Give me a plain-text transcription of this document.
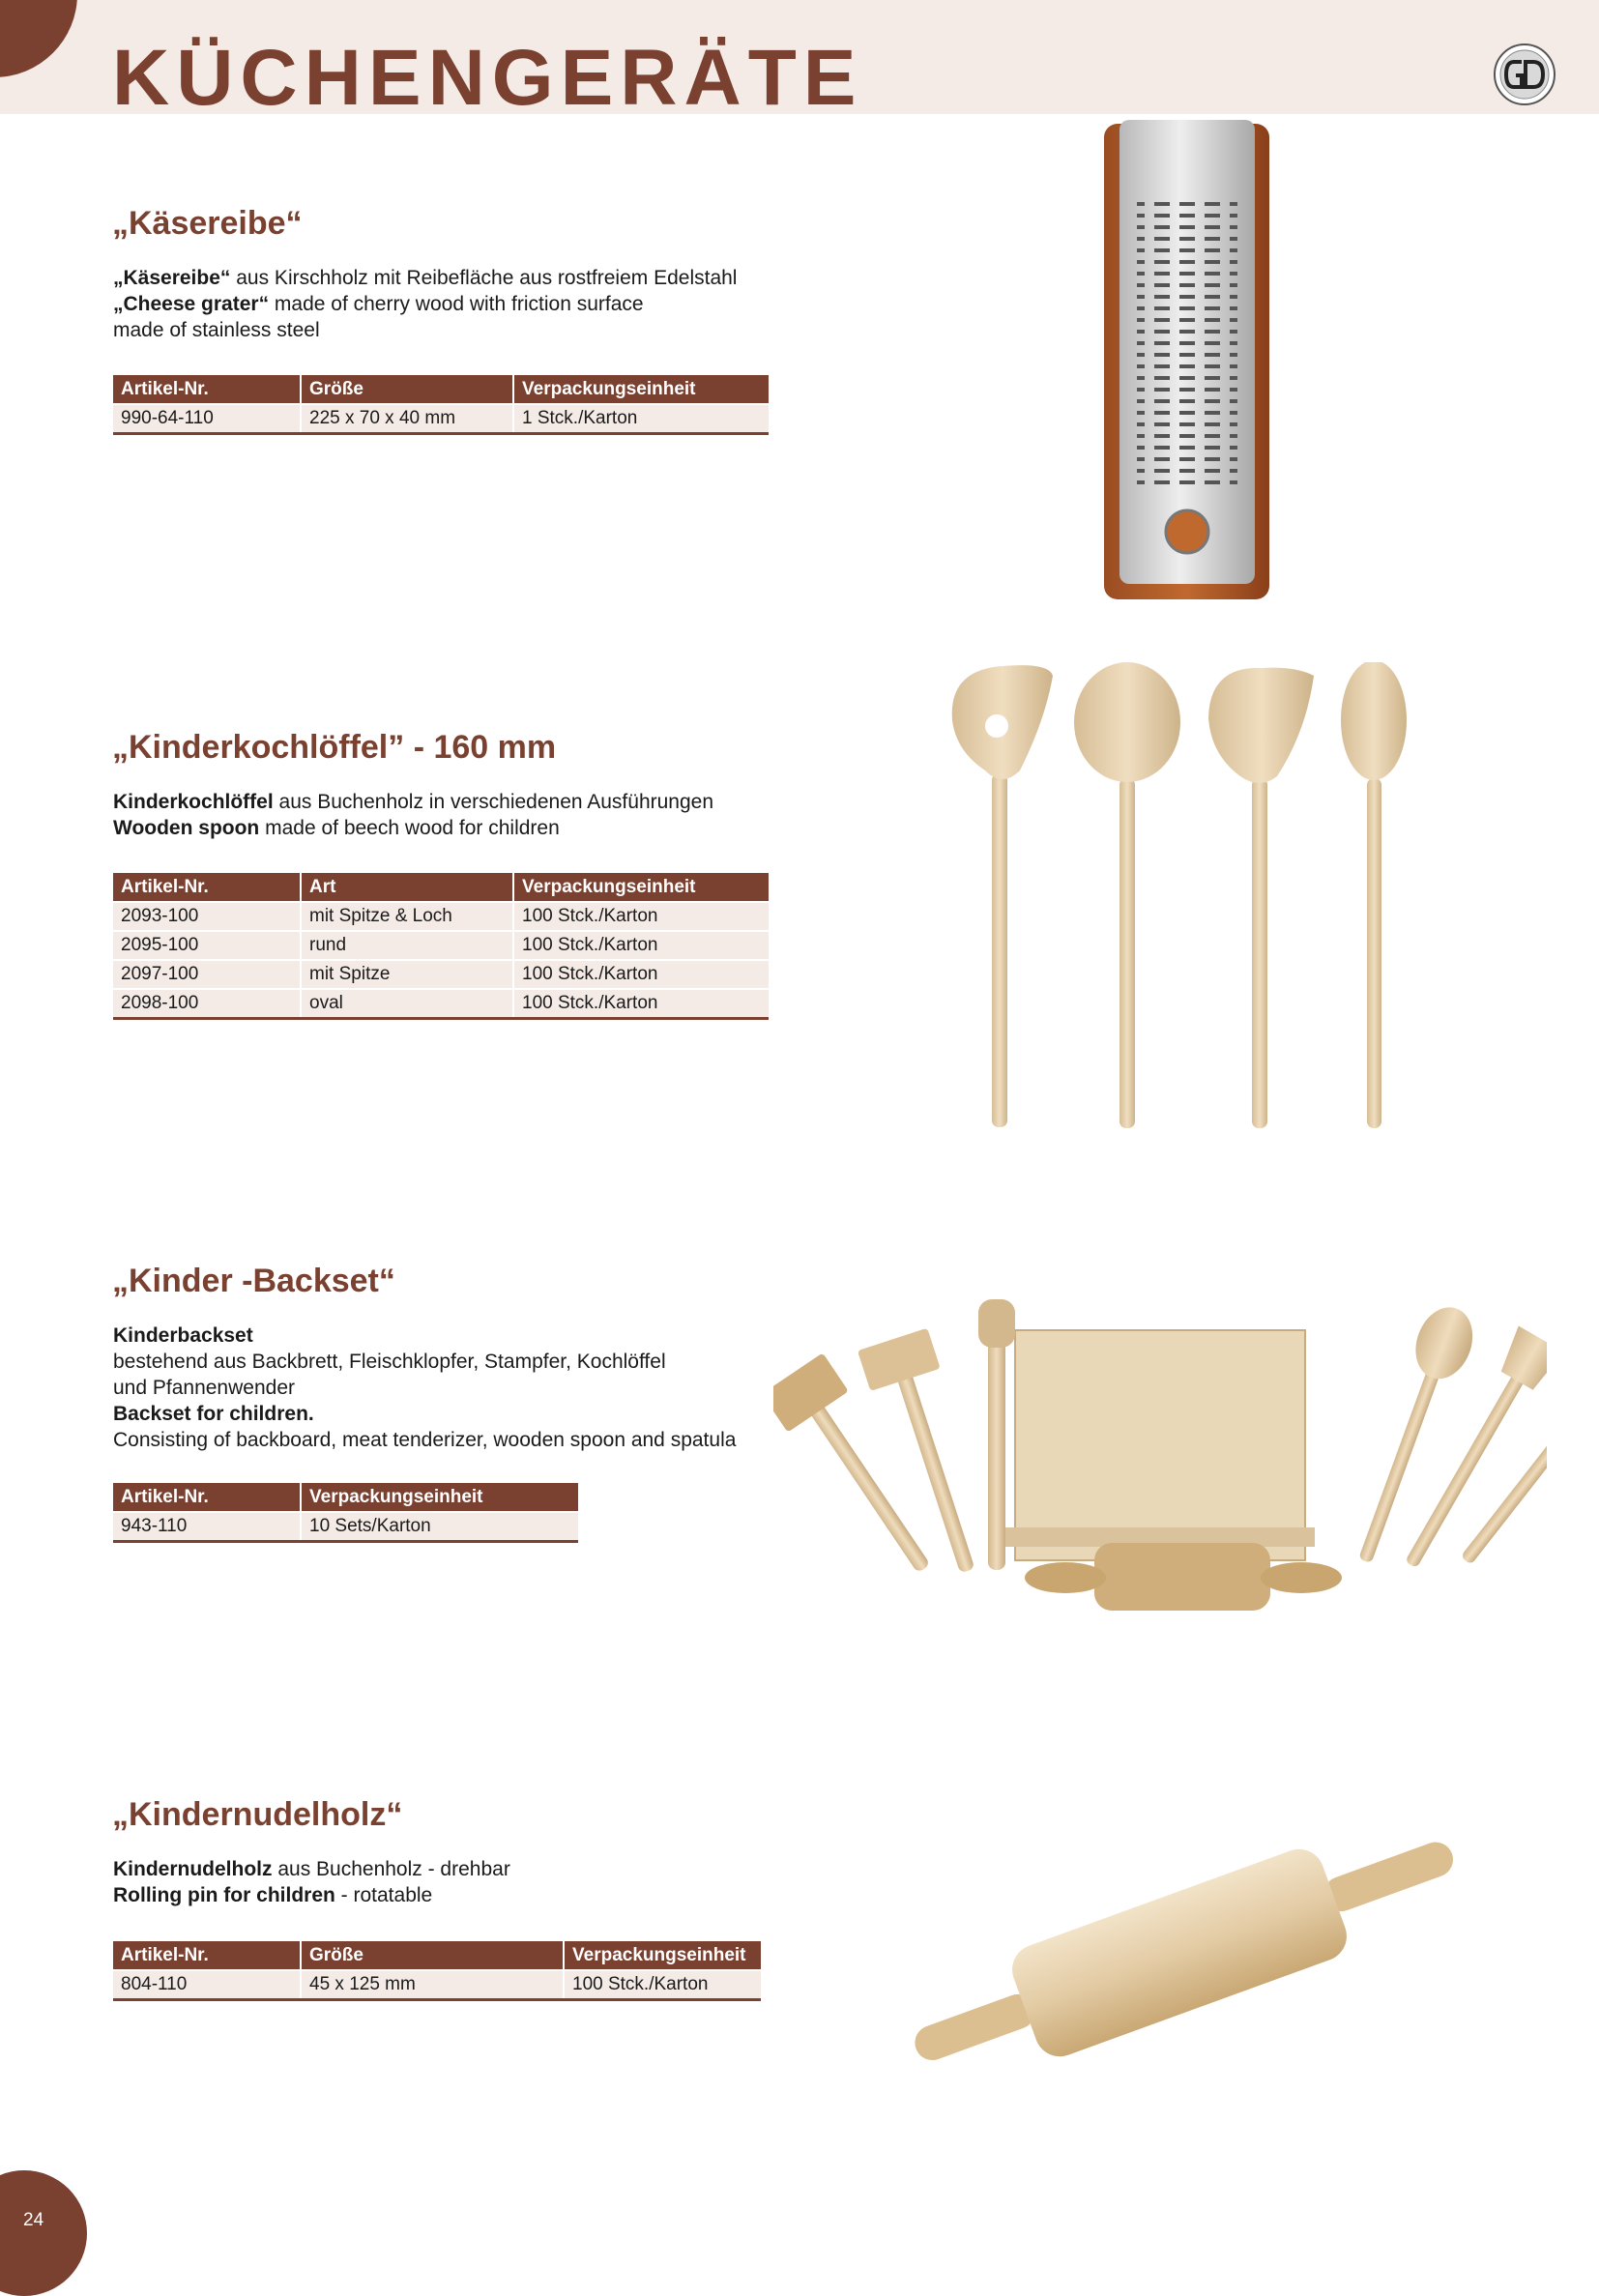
KÜCHENGERÄTE
„Käsereibe“
„Käsereibe“ aus Kirschholz mit Reibefläche aus rostfreiem Edelstahl
„Cheese grater“ made of cherry wood with friction surface
made of stainless steel
Artikel-Nr.	Größe	Verpackungseinheit
990-64-110	225 x 70 x 40 mm	1 Stck./Karton
„Kinderkochlöffel” - 160 mm
Kinderkochlöffel aus Buchenholz in verschiedenen Ausführungen
Wooden spoon made of beech wood for children
Artikel-Nr.	Art	Verpackungseinheit
2093-100	mit Spitze & Loch	100 Stck./Karton
2095-100	rund	100 Stck./Karton
2097-100	mit Spitze	100 Stck./Karton
2098-100	oval	100 Stck./Karton
„Kinder -Backset“
Kinderbackset
bestehend aus Backbrett, Fleischklopfer, Stampfer, Kochlöffel
und Pfannenwender
Backset for children.
Consisting of backboard, meat tenderizer, wooden spoon and spatula
Artikel-Nr.	Verpackungseinheit
943-110	10 Sets/Karton
„Kindernudelholz“
Kindernudelholz aus Buchenholz - drehbar
Rolling pin for children - rotatable
Artikel-Nr.	Größe	Verpackungseinheit
804-110	45 x 125 mm	100 Stck./Karton
24
